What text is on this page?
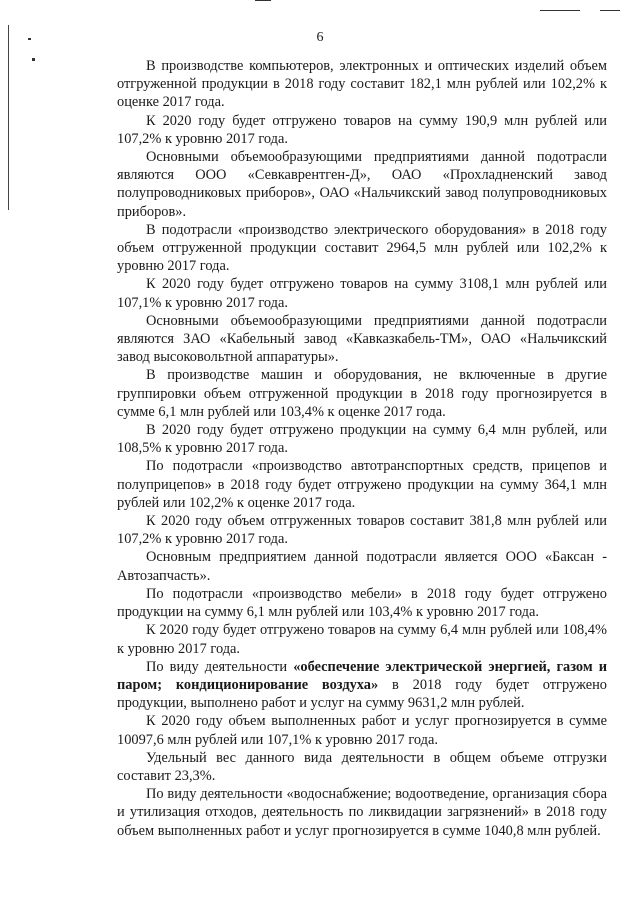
6

В производстве компьютеров, электронных и оптических изделий объем отгруженной продукции в 2018 году составит 182,1 млн рублей или 102,2% к оценке 2017 года.

К 2020 году будет отгружено товаров на сумму 190,9 млн рублей или 107,2% к уровню 2017 года.

Основными объемообразующими предприятиями данной подотрасли являются ООО «Севкаврентген-Д», ОАО «Прохладненский завод полупроводниковых приборов», ОАО «Нальчикский завод полупроводниковых приборов».

В подотрасли «производство электрического оборудования» в 2018 году объем отгруженной продукции составит 2964,5 млн рублей или 102,2% к уровню 2017 года.

К 2020 году будет отгружено товаров на сумму 3108,1 млн рублей или 107,1% к уровню 2017 года.

Основными объемообразующими предприятиями данной подотрасли являются ЗАО «Кабельный завод «Кавказкабель-ТМ», ОАО «Нальчикский завод высоковольтной аппаратуры».

В производстве машин и оборудования, не включенные в другие группировки объем отгруженной продукции в 2018 году прогнозируется в сумме 6,1 млн рублей или 103,4% к оценке 2017 года.

В 2020 году будет отгружено продукции на сумму 6,4 млн рублей, или 108,5% к уровню 2017 года.

По подотрасли «производство автотранспортных средств, прицепов и полуприцепов» в 2018 году будет отгружено продукции на сумму 364,1 млн рублей или 102,2% к оценке 2017 года.

К 2020 году объем отгруженных товаров составит 381,8 млн рублей или 107,2% к уровню 2017 года.

Основным предприятием данной подотрасли является ООО «Баксан - Автозапчасть».

По подотрасли «производство мебели» в 2018 году будет отгружено продукции на сумму 6,1 млн рублей или 103,4% к уровню 2017 года.

К 2020 году будет отгружено товаров на сумму 6,4 млн рублей или 108,4% к уровню 2017 года.

По виду деятельности «обеспечение электрической энергией, газом и паром; кондиционирование воздуха» в 2018 году будет отгружено продукции, выполнено работ и услуг на сумму 9631,2 млн рублей.

К 2020 году объем выполненных работ и услуг прогнозируется в сумме 10097,6 млн рублей или 107,1% к уровню 2017 года.

Удельный вес данного вида деятельности в общем объеме отгрузки составит 23,3%.

По виду деятельности «водоснабжение; водоотведение, организация сбора и утилизация отходов, деятельность по ликвидации загрязнений» в 2018 году объем выполненных работ и услуг прогнозируется в сумме 1040,8 млн рублей.
